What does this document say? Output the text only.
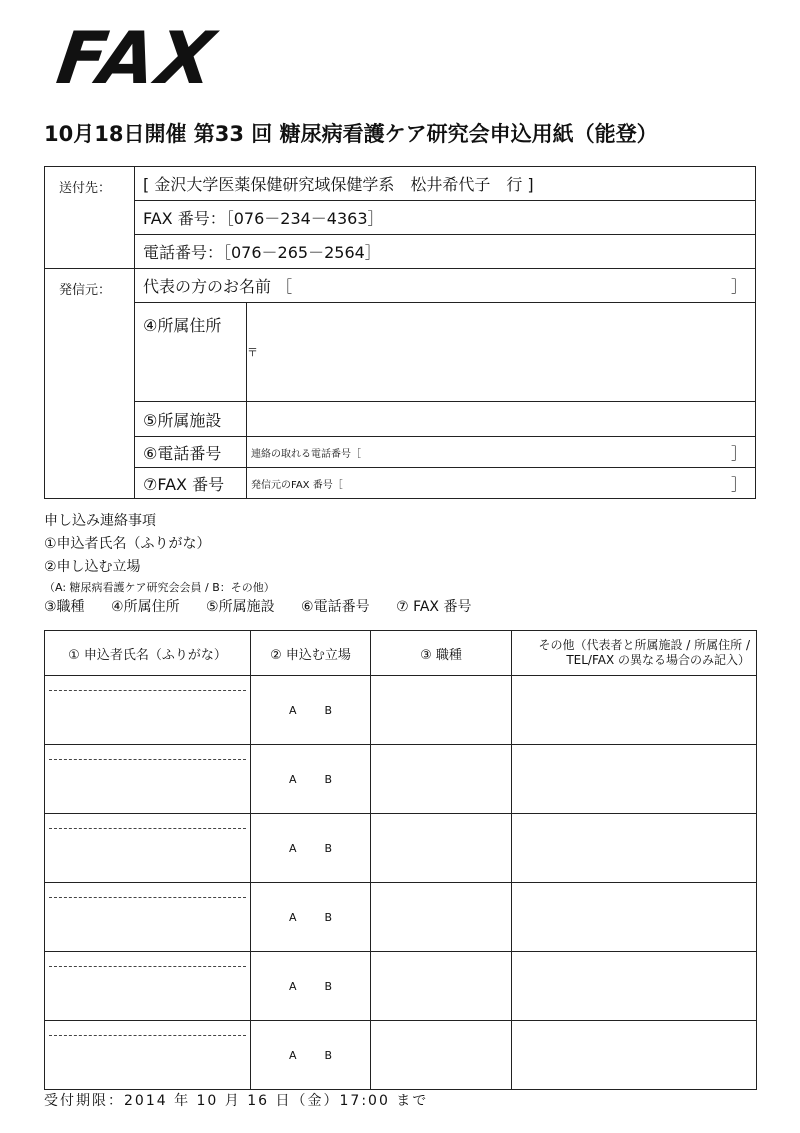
FAX
10月18日開催 第33 回 糖尿病看護ケア研究会申込用紙（能登）
送付先：	[ 金沢大学医薬保健研究域保健学系　松井希代子　行 ]	
	FAX 番号：［076－234－4363］	
	電話番号：［076－265－2564］	
発信元：	代表の方のお名前 ［ ］	

	④所属住所	〒
	⑤所属施設	
	⑥電話番号	連絡の取れる電話番号［ ］

	⑦FAX 番号	発信元のFAX 番号［ ］
申し込み連絡事項
①申込者氏名（ふりがな）
②申し込む立場
（A: 糖尿病看護ケア研究会会員 / B：その他）
③職種 ④所属住所 ⑤所属施設 ⑥電話番号 ⑦ FAX 番号
① 申込者氏名（ふりがな）	② 申込む立場	③ 職種	その他（代表者と所属施設 / 所属住所 /
TEL/FAX の異なる場合のみ記入）

	A B		

	A B		

	A B		

	A B		

	A B		

	A B		
受付期限：2014 年 10 月 16 日（金）17:00 まで
